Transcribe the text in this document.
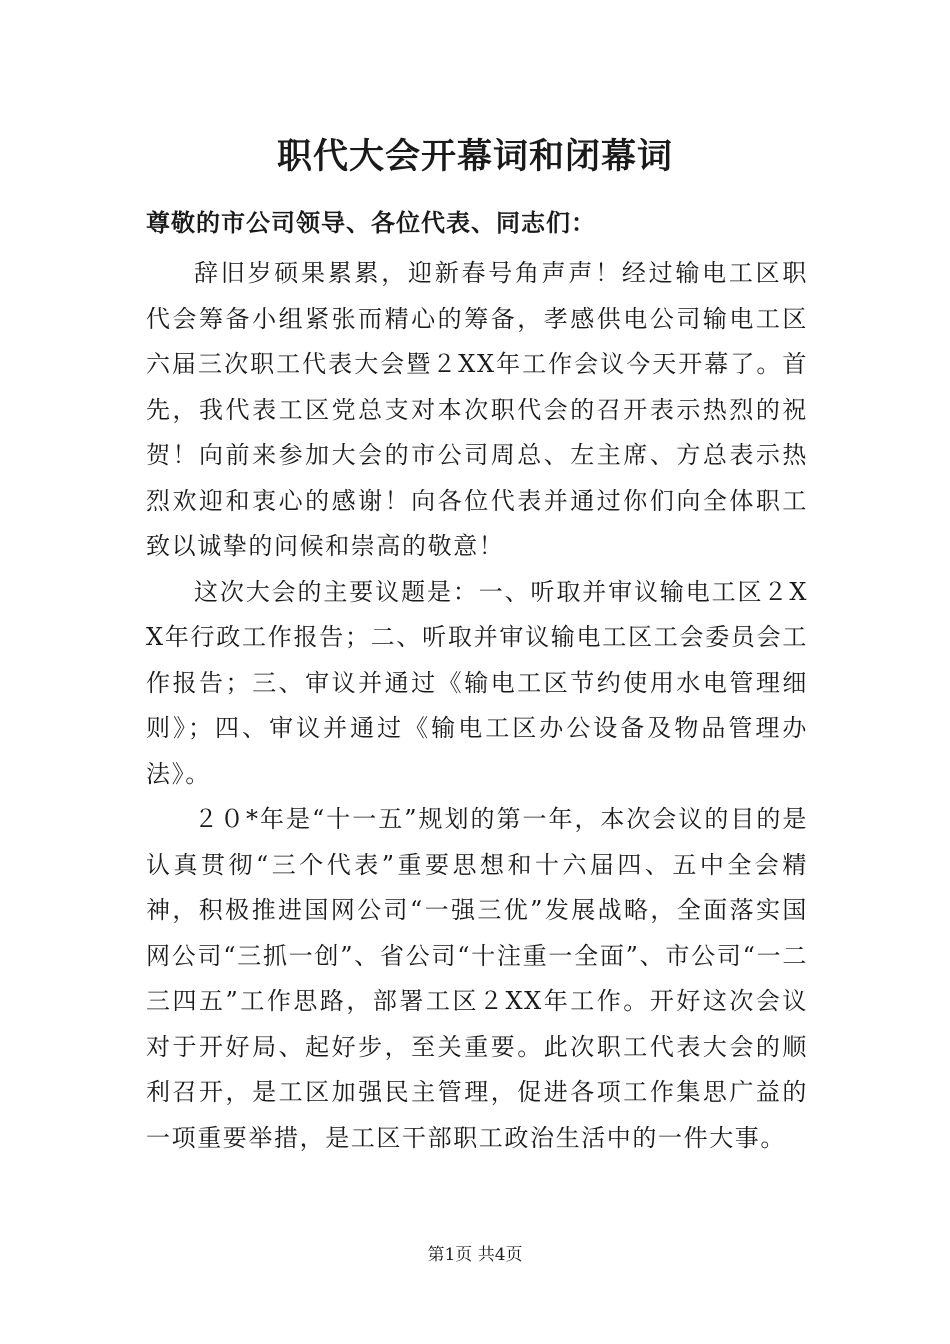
职代大会开幕词和闭幕词

尊敬的市公司领导、各位代表、同志们：

辞旧岁硕果累累，迎新春号角声声！经过输电工区职代会筹备小组紧张而精心的筹备，孝感供电公司输电工区六届三次职工代表大会暨２XX年工作会议今天开幕了。首先，我代表工区党总支对本次职代会的召开表示热烈的祝贺！向前来参加大会的市公司周总、左主席、方总表示热烈欢迎和衷心的感谢！向各位代表并通过你们向全体职工致以诚挚的问候和崇高的敬意！

这次大会的主要议题是：一、听取并审议输电工区２XX年行政工作报告；二、听取并审议输电工区工会委员会工作报告；三、审议并通过《输电工区节约使用水电管理细则》；四、审议并通过《输电工区办公设备及物品管理办法》。

２０*年是“十一五”规划的第一年，本次会议的目的是认真贯彻“三个代表”重要思想和十六届四、五中全会精神，积极推进国网公司“一强三优”发展战略，全面落实国网公司“三抓一创”、省公司“十注重一全面”、市公司“一二三四五”工作思路，部署工区２XX年工作。开好这次会议对于开好局、起好步，至关重要。此次职工代表大会的顺利召开，是工区加强民主管理，促进各项工作集思广益的一项重要举措，是工区干部职工政治生活中的一件大事。

第1页 共4页
